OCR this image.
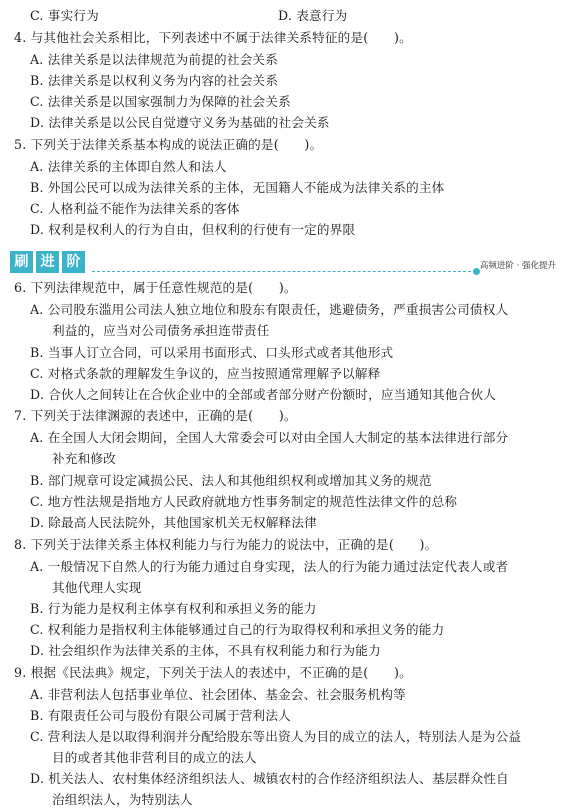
C. 事实行为	D. 表意行为
4. 与其他社会关系相比，下列表述中不属于法律关系特征的是(　　)。
A. 法律关系是以法律规范为前提的社会关系
B. 法律关系是以权利义务为内容的社会关系
C. 法律关系是以国家强制力为保障的社会关系
D. 法律关系是以公民自觉遵守义务为基础的社会关系
5. 下列关于法律关系基本构成的说法正确的是(　　)。
A. 法律关系的主体即自然人和法人
B. 外国公民可以成为法律关系的主体，无国籍人不能成为法律关系的主体
C. 人格利益不能作为法律关系的客体
D. 权利是权利人的行为自由，但权利的行使有一定的界限
刷 进 阶	高频进阶 · 强化提升
6. 下列法律规范中，属于任意性规范的是(　　)。
A. 公司股东滥用公司法人独立地位和股东有限责任，逃避债务，严重损害公司债权人
利益的，应当对公司债务承担连带责任
B. 当事人订立合同，可以采用书面形式、口头形式或者其他形式
C. 对格式条款的理解发生争议的，应当按照通常理解予以解释
D. 合伙人之间转让在合伙企业中的全部或者部分财产份额时，应当通知其他合伙人
7. 下列关于法律渊源的表述中，正确的是(　　)。
A. 在全国人大闭会期间，全国人大常委会可以对由全国人大制定的基本法律进行部分
补充和修改
B. 部门规章可设定减损公民、法人和其他组织权利或增加其义务的规范
C. 地方性法规是指地方人民政府就地方性事务制定的规范性法律文件的总称
D. 除最高人民法院外，其他国家机关无权解释法律
8. 下列关于法律关系主体权利能力与行为能力的说法中，正确的是(　　)。
A. 一般情况下自然人的行为能力通过自身实现，法人的行为能力通过法定代表人或者
其他代理人实现
B. 行为能力是权利主体享有权利和承担义务的能力
C. 权利能力是指权利主体能够通过自己的行为取得权利和承担义务的能力
D. 社会组织作为法律关系的主体，不具有权利能力和行为能力
9. 根据《民法典》规定，下列关于法人的表述中，不正确的是(　　)。
A. 非营利法人包括事业单位、社会团体、基金会、社会服务机构等
B. 有限责任公司与股份有限公司属于营利法人
C. 营利法人是以取得利润并分配给股东等出资人为目的成立的法人，特别法人是为公益
目的或者其他非营利目的成立的法人
D. 机关法人、农村集体经济组织法人、城镇农村的合作经济组织法人、基层群众性自
治组织法人，为特别法人
